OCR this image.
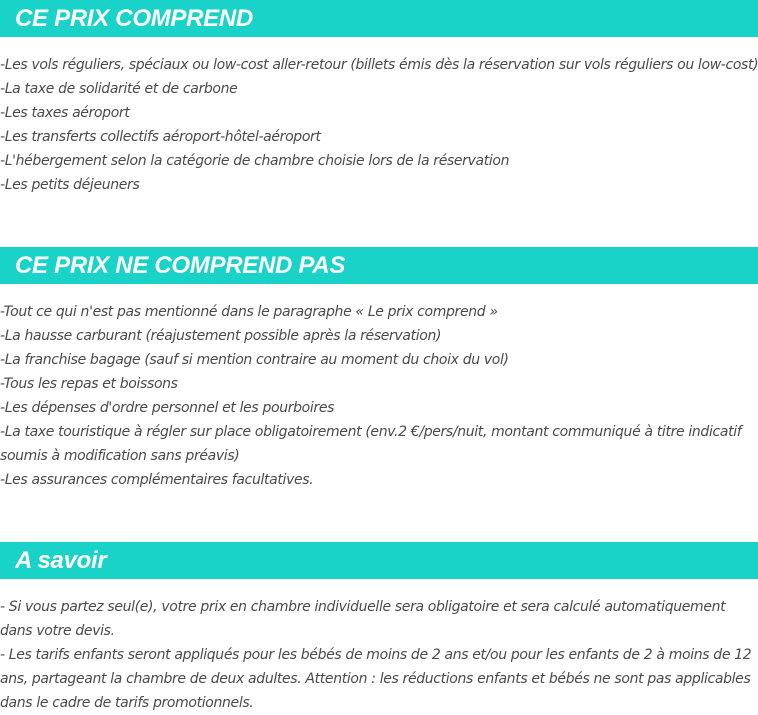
CE PRIX COMPREND
-Les vols réguliers, spéciaux ou low-cost aller-retour (billets émis dès la réservation sur vols réguliers ou low-cost)
-La taxe de solidarité et de carbone
-Les taxes aéroport
-Les transferts collectifs aéroport-hôtel-aéroport
-L'hébergement selon la catégorie de chambre choisie lors de la réservation
-Les petits déjeuners
CE PRIX NE COMPREND PAS
-Tout ce qui n'est pas mentionné dans le paragraphe « Le prix comprend »
-La hausse carburant (réajustement possible après la réservation)
-La franchise bagage (sauf si mention contraire au moment du choix du vol)
-Tous les repas et boissons
-Les dépenses d'ordre personnel et les pourboires
-La taxe touristique à régler sur place obligatoirement (env.2 €/pers/nuit, montant communiqué à titre indicatif soumis à modification sans préavis)
-Les assurances complémentaires facultatives.
A savoir
- Si vous partez seul(e), votre prix en chambre individuelle sera obligatoire et sera calculé automatiquement dans votre devis.
- Les tarifs enfants seront appliqués pour les bébés de moins de 2 ans et/ou pour les enfants de 2 à moins de 12 ans, partageant la chambre de deux adultes. Attention : les réductions enfants et bébés ne sont pas applicables dans le cadre de tarifs promotionnels.
